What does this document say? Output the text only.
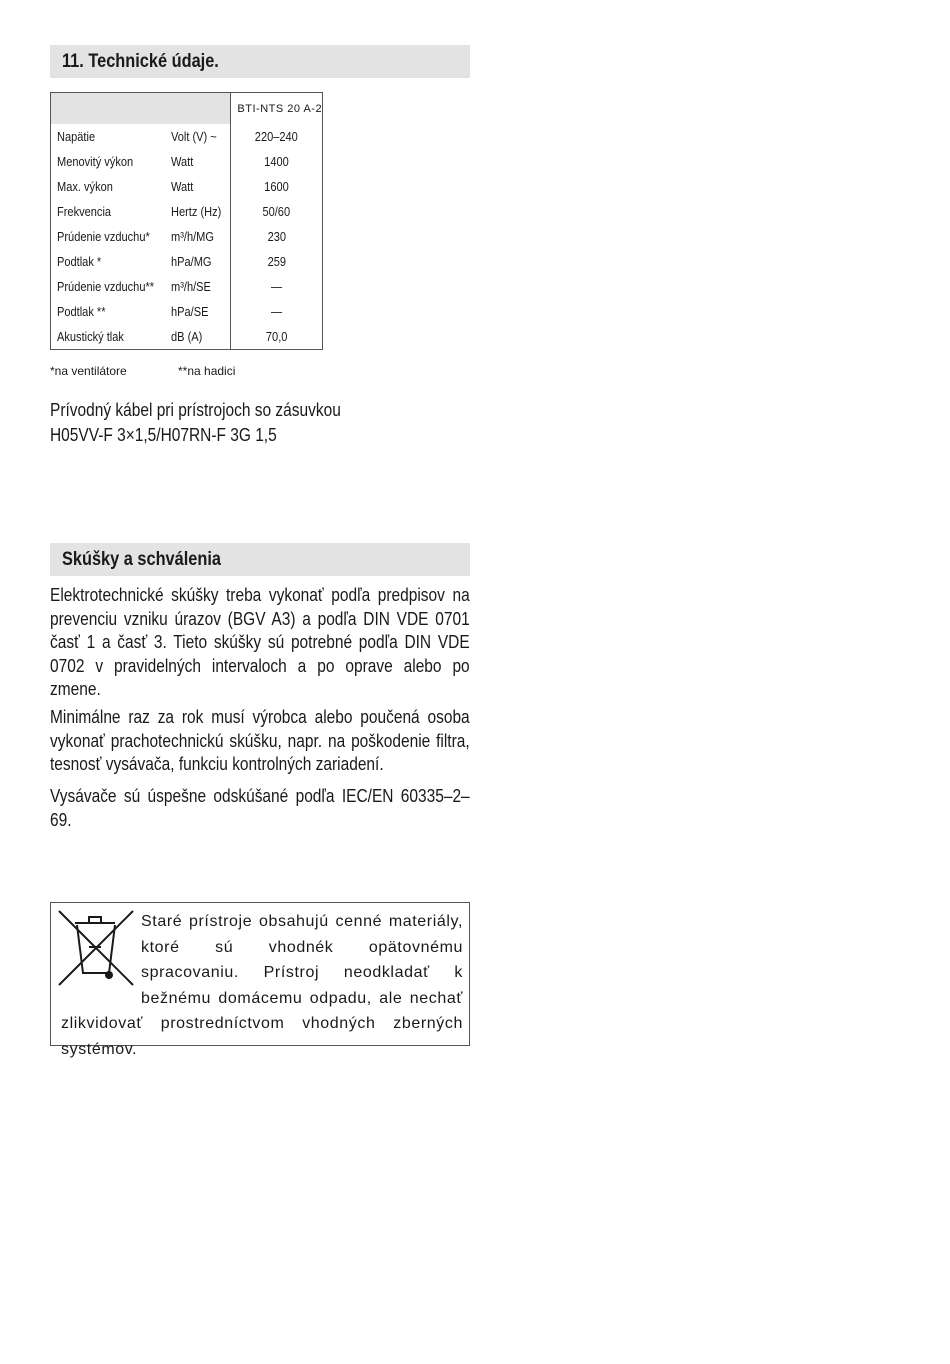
11. Technické údaje.
		BTI-NTS 20 A-2
Napätie	Volt (V) ~	220–240
Menovitý výkon	Watt	1400
Max. výkon	Watt	1600
Frekvencia	Hertz (Hz)	50/60
Prúdenie vzduchu*	m³/h/MG	230
Podtlak *	hPa/MG	259
Prúdenie vzduchu**	m³/h/SE	—
Podtlak **	hPa/SE	—
Akustický tlak	dB (A)	70,0
*na ventilátore	**na hadici
Prívodný kábel pri prístrojoch so zásuvkou
H05VV-F 3×1,5/H07RN-F 3G 1,5
Skúšky a schválenia
Elektrotechnické skúšky treba vykonať podľa predpisov na prevenciu vzniku úrazov (BGV A3) a podľa DIN VDE 0701 časť 1 a časť 3. Tieto skúšky sú potrebné podľa DIN VDE 0702 v pravidelných intervaloch a po oprave alebo po zmene.
Minimálne raz za rok musí výrobca alebo poučená osoba vykonať prachotechnickú skúšku, napr. na poškodenie filtra, tesnosť vysávača, funkciu kontrolných zariadení.
Vysávače sú úspešne odskúšané podľa IEC/EN 60335–2–69.
Staré prístroje obsahujú cenné materiály, ktoré sú vhodnék opätovnému spracovaniu. Prístroj neodkladať k bežnému domácemu odpadu, ale nechať zlikvidovať prostredníctvom vhodných zberných systémov.
